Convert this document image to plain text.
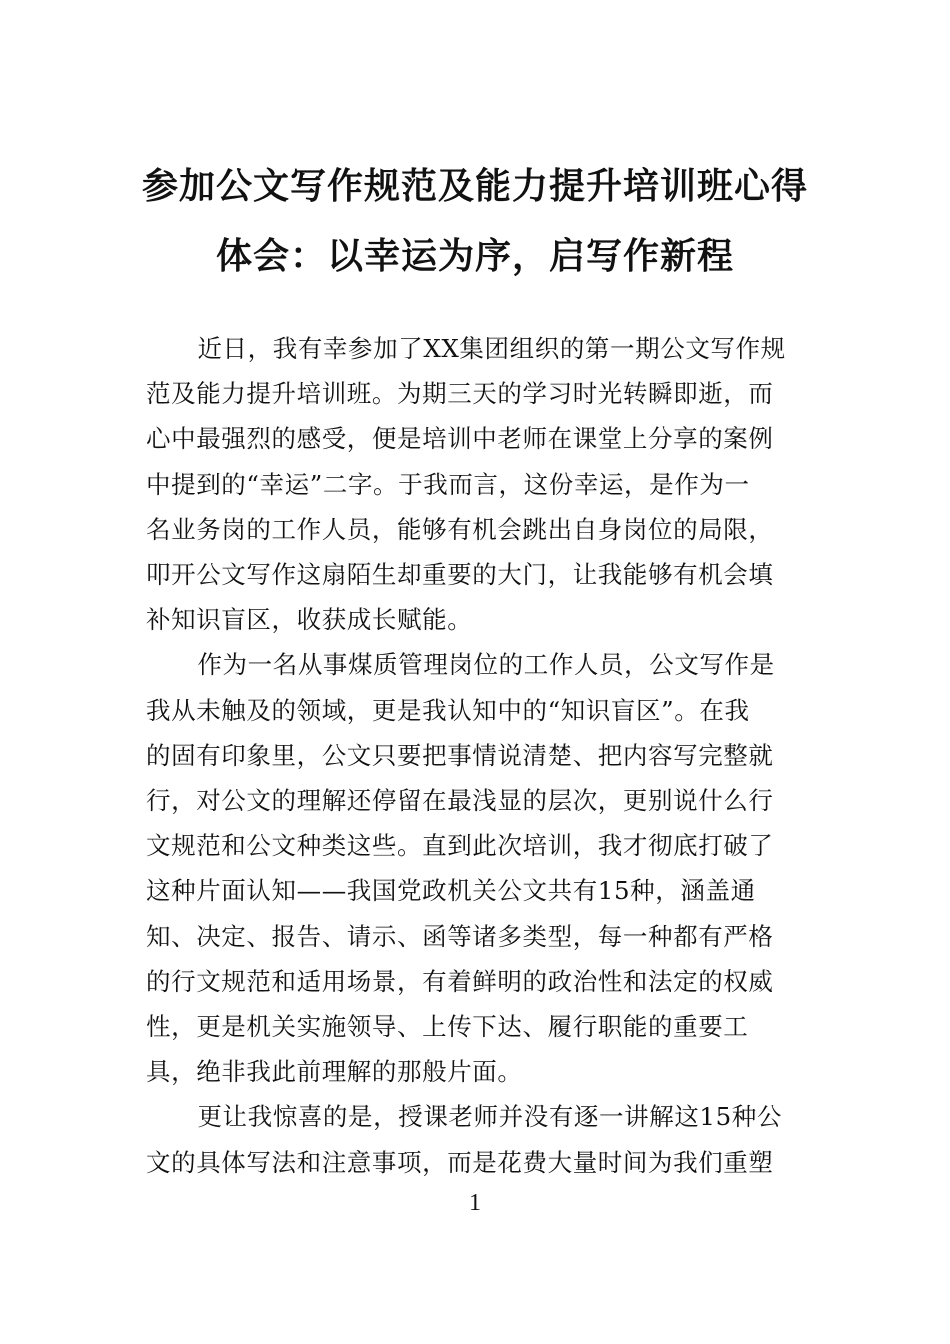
参加公文写作规范及能力提升培训班心得
体会：以幸运为序，启写作新程

近日，我有幸参加了XX集团组织的第一期公文写作规
范及能力提升培训班。为期三天的学习时光转瞬即逝，而
心中最强烈的感受，便是培训中老师在课堂上分享的案例
中提到的“幸运”二字。于我而言，这份幸运，是作为一
名业务岗的工作人员，能够有机会跳出自身岗位的局限，
叩开公文写作这扇陌生却重要的大门，让我能够有机会填
补知识盲区，收获成长赋能。

作为一名从事煤质管理岗位的工作人员，公文写作是
我从未触及的领域，更是我认知中的“知识盲区”。在我
的固有印象里，公文只要把事情说清楚、把内容写完整就
行，对公文的理解还停留在最浅显的层次，更别说什么行
文规范和公文种类这些。直到此次培训，我才彻底打破了
这种片面认知——我国党政机关公文共有15种，涵盖通
知、决定、报告、请示、函等诸多类型，每一种都有严格
的行文规范和适用场景，有着鲜明的政治性和法定的权威
性，更是机关实施领导、上传下达、履行职能的重要工
具，绝非我此前理解的那般片面。

更让我惊喜的是，授课老师并没有逐一讲解这15种公
文的具体写法和注意事项，而是花费大量时间为我们重塑

1
